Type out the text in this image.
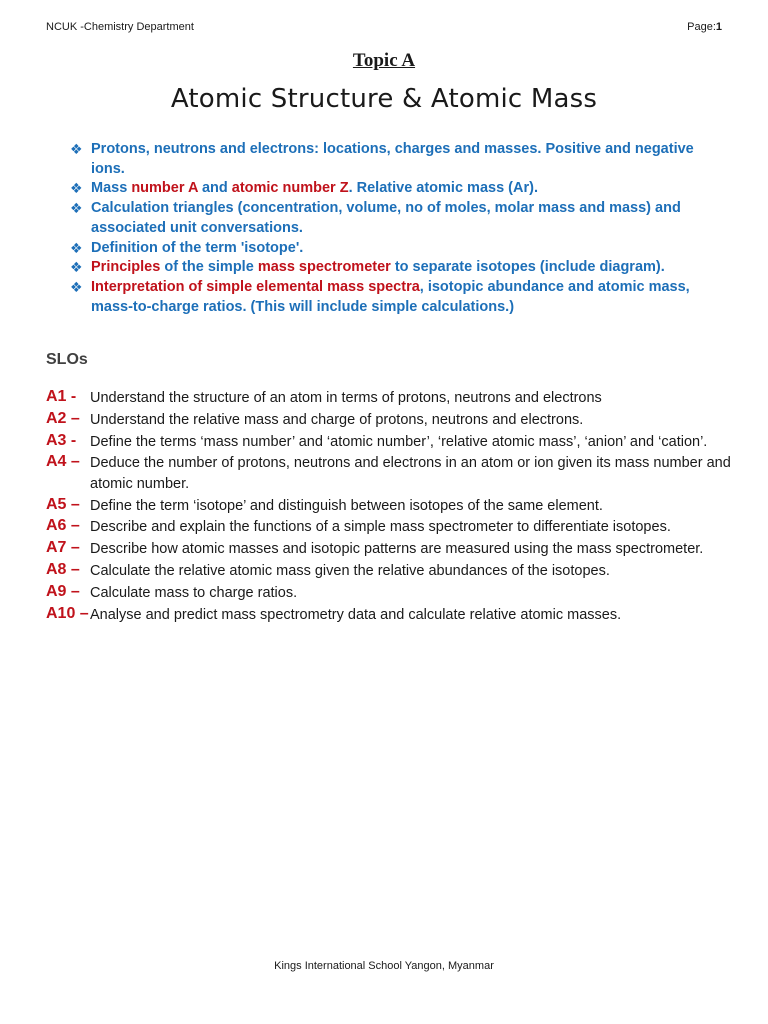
NCUK -Chemistry Department	Page:1
Topic A
Atomic Structure & Atomic Mass
❖ Protons, neutrons and electrons: locations, charges and masses. Positive and negative ions.
❖ Mass number A and atomic number Z. Relative atomic mass (Ar).
❖ Calculation triangles (concentration, volume, no of moles, molar mass and mass) and associated unit conversations.
❖ Definition of the term 'isotope'.
❖ Principles of the simple mass spectrometer to separate isotopes (include diagram).
❖ Interpretation of simple elemental mass spectra, isotopic abundance and atomic mass, mass-to-charge ratios. (This will include simple calculations.)
SLOs
A1 - Understand the structure of an atom in terms of protons, neutrons and electrons
A2 – Understand the relative mass and charge of protons, neutrons and electrons.
A3 - Define the terms ‘mass number’ and ‘atomic number’, ‘relative atomic mass’, ‘anion’ and ‘cation’.
A4 – Deduce the number of protons, neutrons and electrons in an atom or ion given its mass number and atomic number.
A5 – Define the term ‘isotope’ and distinguish between isotopes of the same element.
A6 – Describe and explain the functions of a simple mass spectrometer to differentiate isotopes.
A7 – Describe how atomic masses and isotopic patterns are measured using the mass spectrometer.
A8 – Calculate the relative atomic mass given the relative abundances of the isotopes.
A9 – Calculate mass to charge ratios.
A10 – Analyse and predict mass spectrometry data and calculate relative atomic masses.
Kings International School Yangon, Myanmar
